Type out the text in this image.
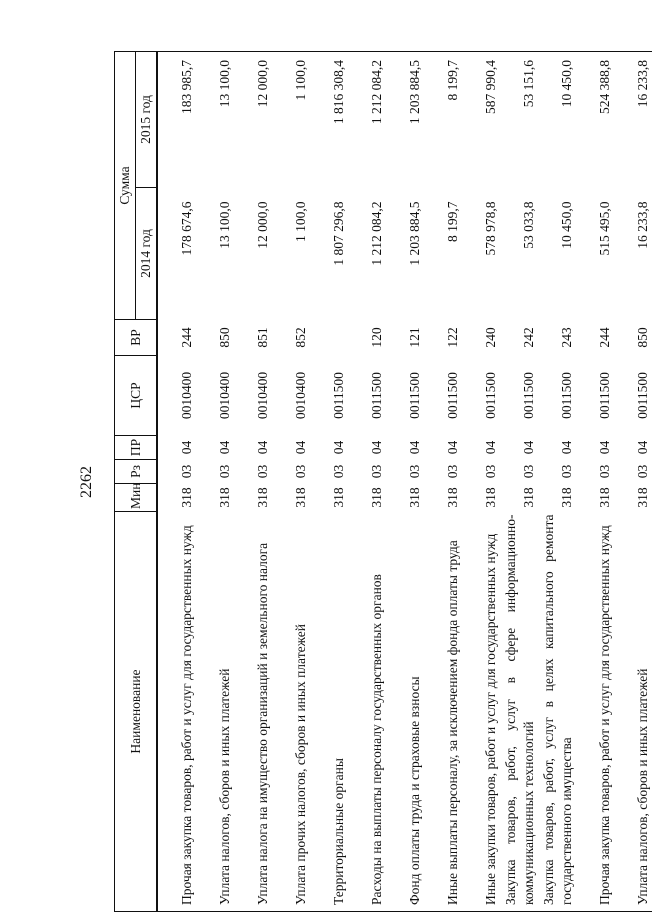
2262
Наименование	Мин	Рз	ПР	ЦСР	ВР	Сумма	
						2014 год	2015 год
Прочая закупка товаров, работ и услуг для государственных нужд	318	03	04	0010400	244	178 674,6	183 985,7
Уплата налогов, сборов и иных платежей	318	03	04	0010400	850	13 100,0	13 100,0
Уплата налога на имущество организаций и земельного налога	318	03	04	0010400	851	12 000,0	12 000,0
Уплата прочих налогов, сборов и иных платежей	318	03	04	0010400	852	1 100,0	1 100,0
Территориальные органы	318	03	04	0011500		1 807 296,8	1 816 308,4
Расходы на выплаты персоналу государственных органов	318	03	04	0011500	120	1 212 084,2	1 212 084,2
Фонд оплаты труда и страховые взносы	318	03	04	0011500	121	1 203 884,5	1 203 884,5
Иные выплаты персоналу, за исключением фонда оплаты труда	318	03	04	0011500	122	8 199,7	8 199,7
Иные закупки товаров, работ и услуг для государственных нужд	318	03	04	0011500	240	578 978,8	587 990,4
Закупка товаров, работ, услуг в сфере информационно-коммуникационных технологий	318	03	04	0011500	242	53 033,8	53 151,6
Закупка товаров, работ, услуг в целях капитального ремонта государственного имущества	318	03	04	0011500	243	10 450,0	10 450,0
Прочая закупка товаров, работ и услуг для государственных нужд	318	03	04	0011500	244	515 495,0	524 388,8
Уплата налогов, сборов и иных платежей	318	03	04	0011500	850	16 233,8	16 233,8
